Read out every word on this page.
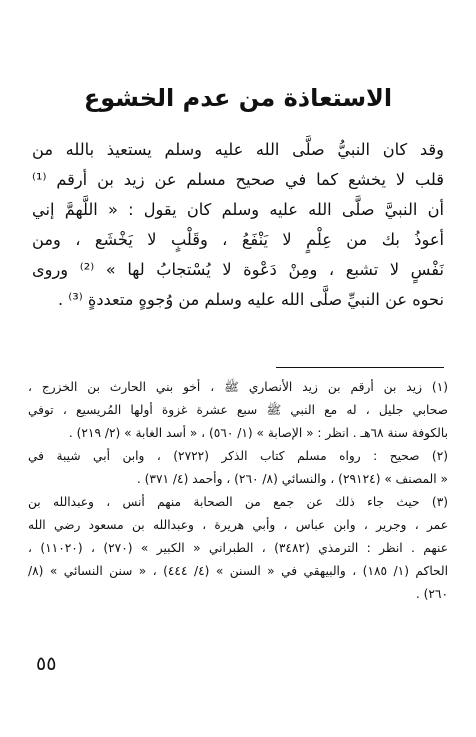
الاستعاذة من عدم الخشوع
وقد كان النبيُّ صلَّى الله عليه وسلم يستعيذ بالله من
قلب لا يخشع كما في صحيح مسلم عن زيد بن أرقم ⁽¹⁾
أن النبيَّ صلَّى الله عليه وسلم كان يقول : « اللَّهمَّ إني
أعوذُ بك من عِلْمٍ لا يَنْفَعُ ، وقَلْبٍ لا يَخْشَع ، ومن
نَفْسٍ لا تشبع ، ومِنْ دَعْوة لا يُسْتجابُ لها » ⁽²⁾ وروى
نحوه عن النبيِّ صلَّى الله عليه وسلم من وُجوهٍ متعددةٍ ⁽³⁾ .
(١) زيد بن أرقم بن زيد الأنصاري ﷺ ، أخو بني الحارث بن الخزرج ،
صحابي جليل ، له مع النبي ﷺ سبع عشرة غزوة أولها المُريسيع ، توفي
بالكوفة سنة ٦٨هـ . انظر : « الإصابة » (١/ ٥٦٠) ، « أسد الغابة » (٢/ ٢١٩) .
(٢) صحيح : رواه مسلم كتاب الذكر (٢٧٢٢) ، وابن أبي شيبة في
« المصنف » (٢٩١٢٤) ، والنسائي (٨/ ٢٦٠) ، وأحمد (٤/ ٣٧١) .
(٣) حيث جاء ذلك عن جمع من الصحابة منهم أنس ، وعبدالله بن
عمر ، وجرير ، وابن عباس ، وأبي هريرة ، وعبدالله بن مسعود رضي الله
عنهم . انظر : الترمذي (٣٤٨٢) ، الطبراني « الكبير » (٢٧٠) ، (١١٠٢٠) ،
الحاكم (١/ ١٨٥) ، والبيهقي في « السنن » (٤/ ٤٤٤) ، « سنن النسائي » (٨/
٢٦٠) .
٥٥
